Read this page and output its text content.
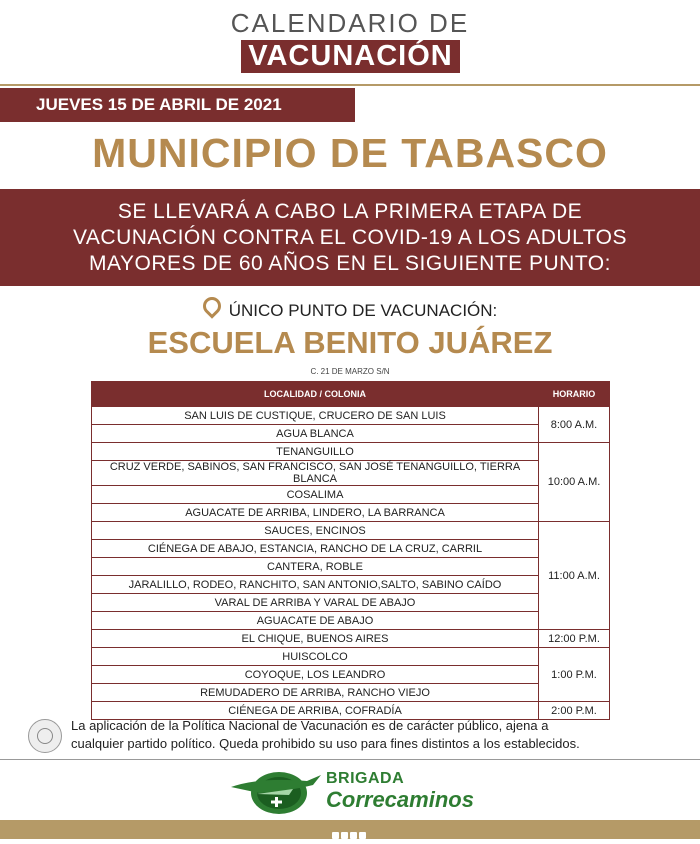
CALENDARIO DE
VACUNACIÓN
JUEVES 15 DE ABRIL DE 2021
MUNICIPIO DE TABASCO
SE LLEVARÁ A CABO LA PRIMERA ETAPA DE
VACUNACIÓN CONTRA EL COVID-19 A LOS ADULTOS
MAYORES DE 60 AÑOS EN EL SIGUIENTE PUNTO:
ÚNICO PUNTO DE VACUNACIÓN:
ESCUELA BENITO JUÁREZ
C. 21 DE MARZO S/N
LOCALIDAD / COLONIA	HORARIO
SAN LUIS DE CUSTIQUE, CRUCERO DE SAN LUIS	8:00 A.M.
AGUA BLANCA	
TENANGUILLO	10:00 A.M.
CRUZ VERDE, SABINOS, SAN FRANCISCO, SAN JOSÉ TENANGUILLO, TIERRA BLANCA	
COSALIMA	
AGUACATE DE ARRIBA, LINDERO, LA BARRANCA	
SAUCES, ENCINOS	11:00 A.M.
CIÉNEGA DE ABAJO, ESTANCIA, RANCHO DE LA CRUZ, CARRIL	
CANTERA, ROBLE	
JARALILLO, RODEO, RANCHITO, SAN ANTONIO,SALTO, SABINO CAÍDO	
VARAL DE ARRIBA Y VARAL DE ABAJO	
AGUACATE DE ABAJO	
EL CHIQUE, BUENOS AIRES	12:00 P.M.
HUISCOLCO	1:00 P.M.
COYOQUE, LOS LEANDRO	
REMUDADERO DE ARRIBA, RANCHO VIEJO	
CIÉNEGA DE ARRIBA, COFRADÍA	2:00 P.M.

La aplicación de la Política Nacional de Vacunación es de carácter público, ajena a

cualquier partido político. Queda prohibido su uso para fines distintos a los establecidos.

BRIGADA
Correcaminos
